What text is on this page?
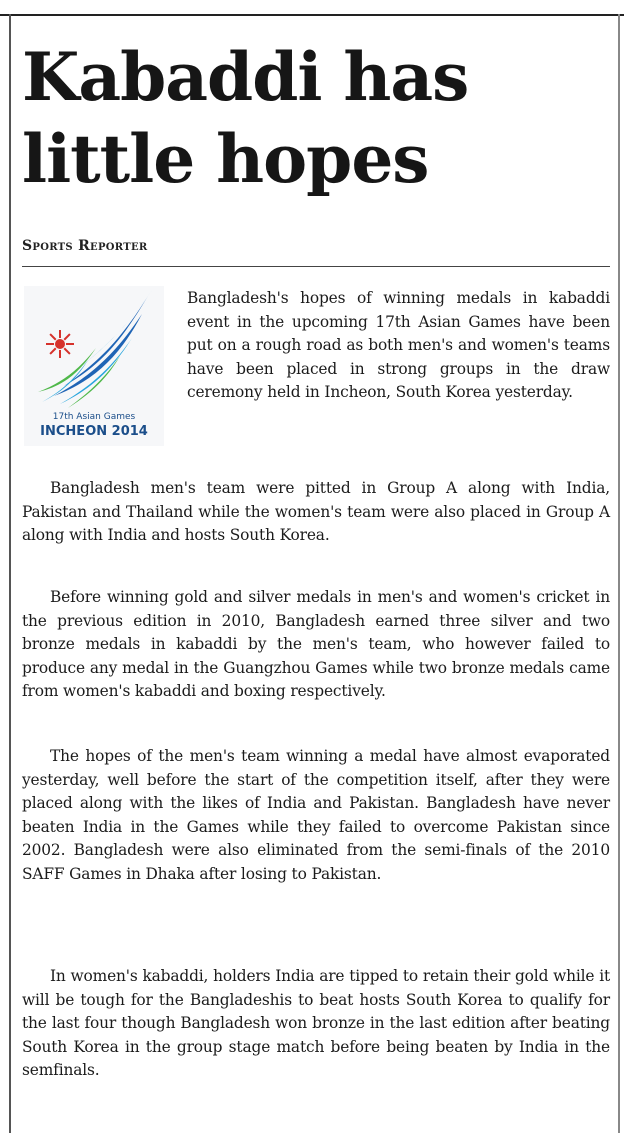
Kabaddi has little hopes
Sports Reporter
17th Asian Games
INCHEON 2014

Bangladesh's hopes of winning medals in kabaddi event in the upcoming 17th Asian Games have been put on a rough road as both men's and women's teams have been placed in strong groups in the draw ceremony held in Incheon, South Korea yesterday.

Bangladesh men's team were pitted in Group A along with India, Pakistan and Thailand while the women's team were also placed in Group A along with India and hosts South Korea.

Before winning gold and silver medals in men's and women's cricket in the previous edition in 2010, Bangladesh earned three silver and two bronze medals in kabaddi by the men's team, who however failed to produce any medal in the Guangzhou Games while two bronze medals came from women's kabaddi and boxing respectively.

The hopes of the men's team winning a medal have almost evaporated yesterday, well before the start of the competition itself, after they were placed along with the likes of India and Pakistan. Bangladesh have never beaten India in the Games while they failed to overcome Pakistan since 2002. Bangladesh were also eliminated from the semi-finals of the 2010 SAFF Games in Dhaka after losing to Pakistan.

In women's kabaddi, holders India are tipped to retain their gold while it will be tough for the Bangladeshis to beat hosts South Korea to qualify for the last four though Bangladesh won bronze in the last edition after beating South Korea in the group stage match before being beaten by India in the semfinals.
